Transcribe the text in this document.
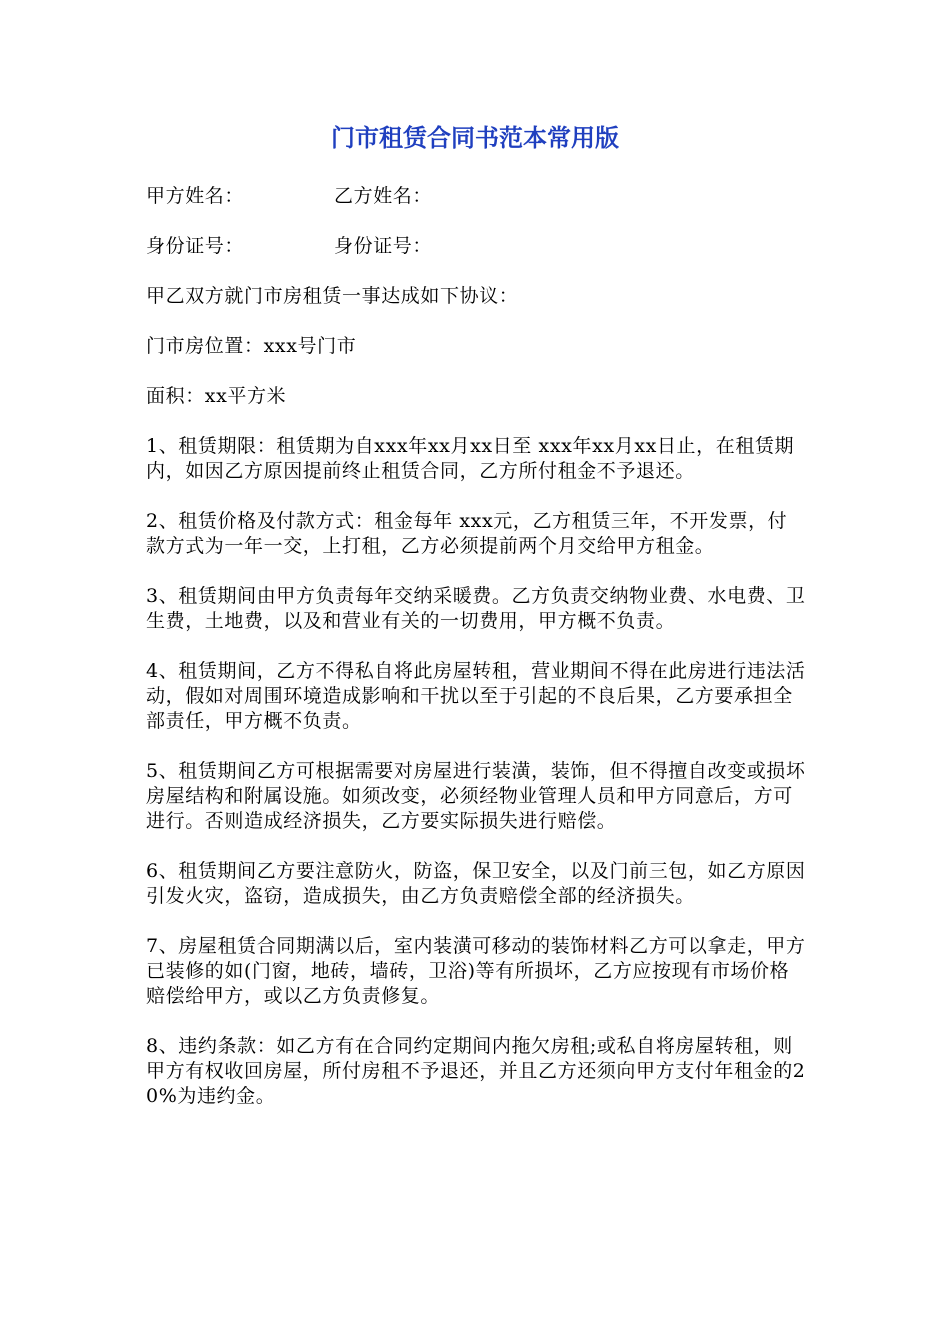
门市租赁合同书范本常用版
甲方姓名：	乙方姓名：
身份证号：	身份证号：
甲乙双方就门市房租赁一事达成如下协议：
门市房位置：xxx号门市
面积：xx平方米
1、租赁期限：租赁期为自xxx年xx月xx日至 xxx年xx月xx日止，在租赁期内，如因乙方原因提前终止租赁合同，乙方所付租金不予退还。
2、租赁价格及付款方式：租金每年 xxx元，乙方租赁三年，不开发票，付款方式为一年一交，上打租，乙方必须提前两个月交给甲方租金。
3、租赁期间由甲方负责每年交纳采暖费。乙方负责交纳物业费、水电费、卫生费，土地费，以及和营业有关的一切费用，甲方概不负责。
4、租赁期间，乙方不得私自将此房屋转租，营业期间不得在此房进行违法活动，假如对周围环境造成影响和干扰以至于引起的不良后果，乙方要承担全部责任，甲方概不负责。
5、租赁期间乙方可根据需要对房屋进行装潢，装饰，但不得擅自改变或损坏房屋结构和附属设施。如须改变，必须经物业管理人员和甲方同意后，方可进行。否则造成经济损失，乙方要实际损失进行赔偿。
6、租赁期间乙方要注意防火，防盗，保卫安全，以及门前三包，如乙方原因引发火灾，盗窃，造成损失，由乙方负责赔偿全部的经济损失。
7、房屋租赁合同期满以后，室内装潢可移动的装饰材料乙方可以拿走，甲方已装修的如(门窗，地砖，墙砖，卫浴)等有所损坏，乙方应按现有市场价格赔偿给甲方，或以乙方负责修复。
8、违约条款：如乙方有在合同约定期间内拖欠房租;或私自将房屋转租，则甲方有权收回房屋，所付房租不予退还，并且乙方还须向甲方支付年租金的20%为违约金。
